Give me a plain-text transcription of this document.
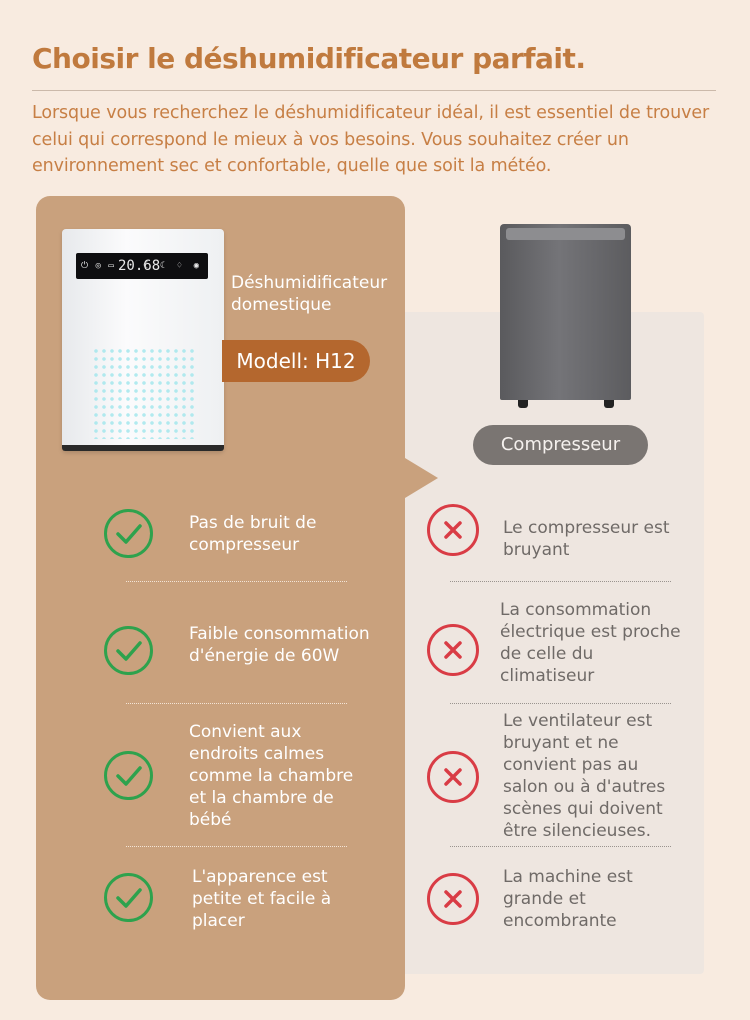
Choisir le déshumidificateur parfait.
Lorsque vous recherchez le déshumidificateur idéal, il est essentiel de trouver celui qui correspond le mieux à vos besoins. Vous souhaitez créer un environnement sec et confortable, quelle que soit la météo.
⏻ ◎ ▭ 20.68
☾ ☾ ♢ ◉
Déshumidificateur domestique
Modell: H12
Compresseur
Pas de bruit de compresseur
Faible consommation d'énergie de 60W
Convient aux endroits calmes comme la chambre et la chambre de bébé
L'apparence est petite et facile à placer
Le compresseur est bruyant
La consommation électrique est proche de celle du climatiseur
Le ventilateur est bruyant et ne convient pas au salon ou à d'autres scènes qui doivent être silencieuses.
La machine est grande et encombrante
